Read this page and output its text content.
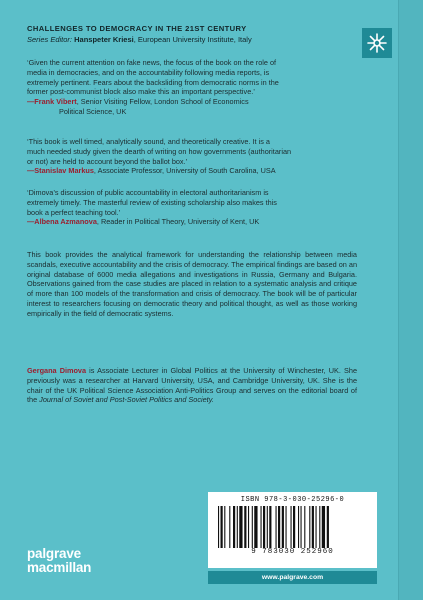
CHALLENGES TO DEMOCRACY IN THE 21ST CENTURY
Series Editor: Hanspeter Kriesi, European University Institute, Italy

‘Given the current attention on fake news, the focus of the book on the role of

media in democracies, and on the accountability following media reports, is

extremely pertinent. Fears about the backsliding from democratic norms in the

former post-communist block also make this an important perspective.’

—Frank Vibert, Senior Visiting Fellow, London School of Economics

Political Science, UK

‘This book is well timed, analytically sound, and theoretically creative. It is a

much needed study given the dearth of writing on how governments (authoritarian

or not) are held to account beyond the ballot box.’

—Stanislav Markus, Associate Professor, University of South Carolina, USA

‘Dimova’s discussion of public accountability in electoral authoritarianism is

extremely timely. The masterful review of existing scholarship also makes this

book a perfect teaching tool.’

—Albena Azmanova, Reader in Political Theory, University of Kent, UK

This book provides the analytical framework for understanding the relationship between media scandals, executive accountability and the crisis of democracy. The empirical findings are based on an original database of 6000 media allegations and investigations in Russia, Germany and Bulgaria. Observations gained from the case studies are placed in relation to a systematic analysis and critique of more than 100 models of the transformation and crisis of democracy. The book will be of particular interest to researchers focusing on democratic theory and political thought, as well as those working empirically in the field of democratic systems.
Gergana Dimova is Associate Lecturer in Global Politics at the University of Winchester, UK. She previously was a researcher at Harvard University, USA, and Cambridge University, UK. She is the chair of the UK Political Science Association Anti-Politics Group and serves on the editorial board of the Journal of Soviet and Post-Soviet Politics and Society.
ISBN 978-3-030-25296-0
9 783030 252960
www.palgrave.com
palgrave
macmillan
